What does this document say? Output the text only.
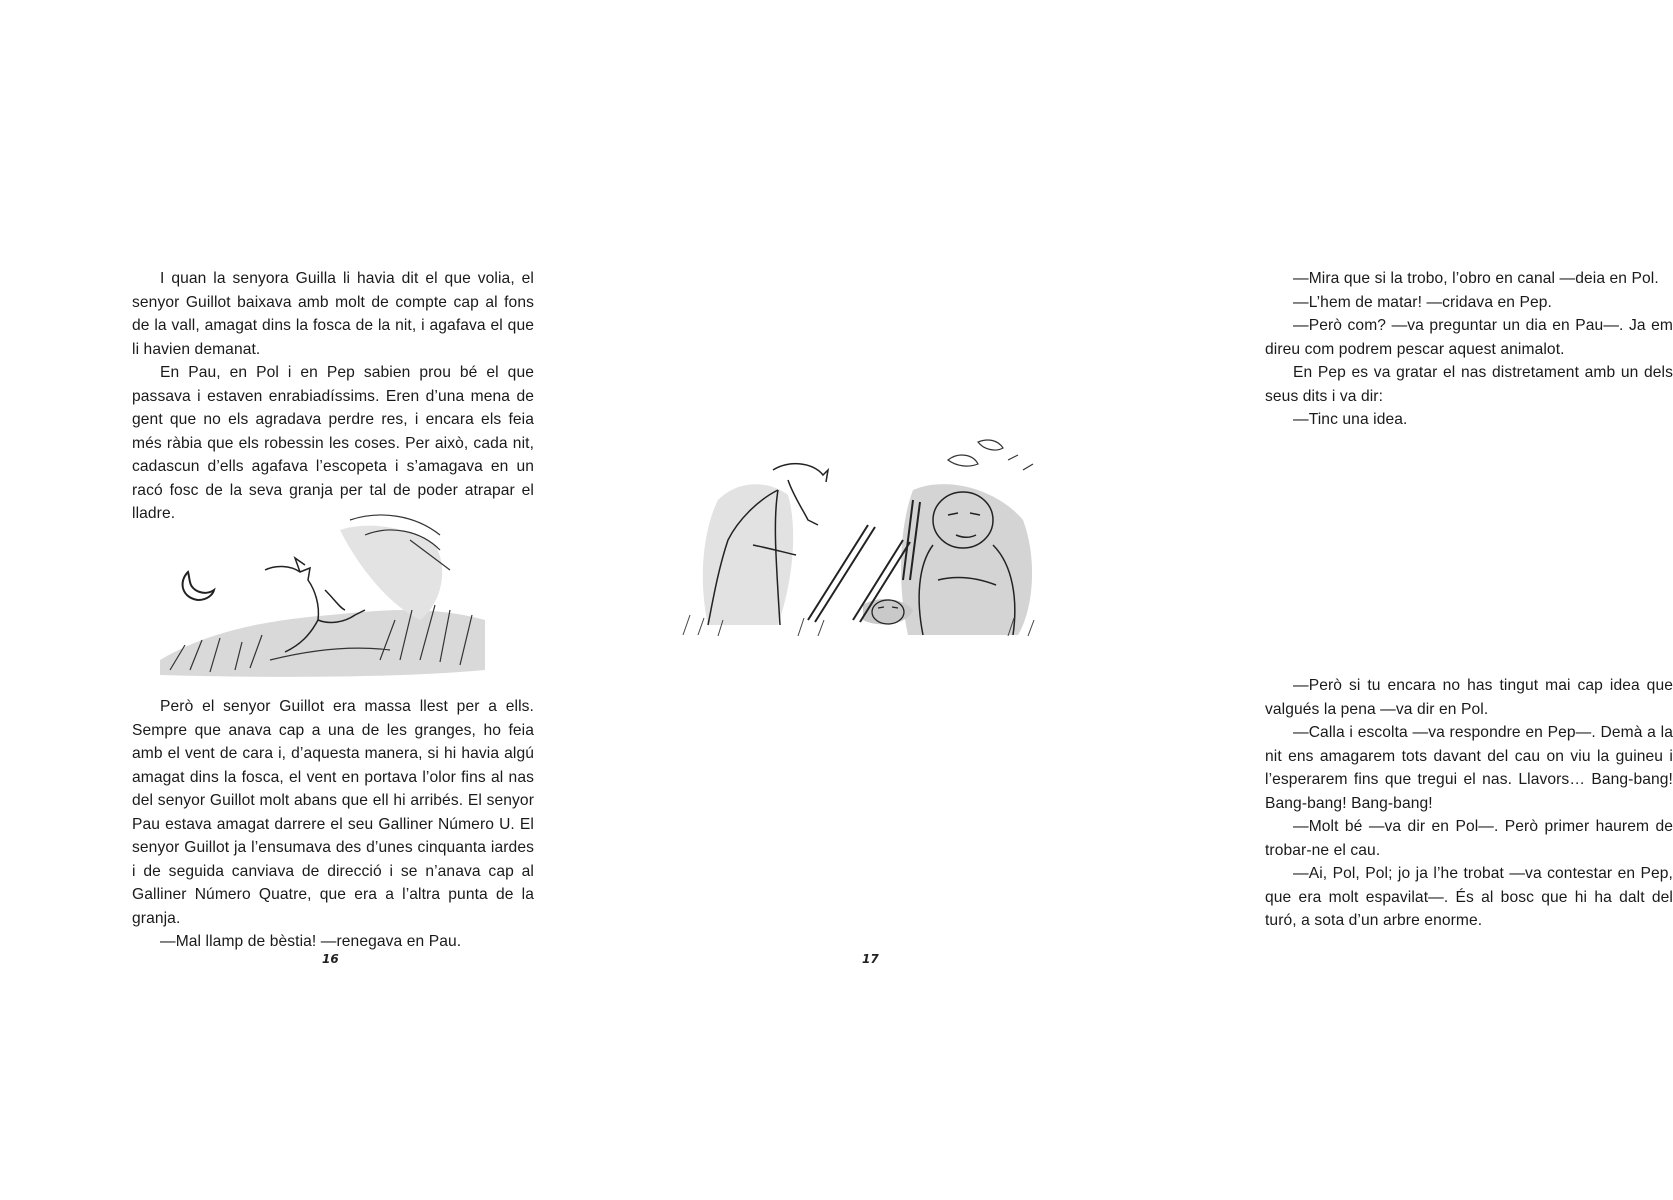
I quan la senyora Guilla li havia dit el que volia, el senyor Guillot baixava amb molt de compte cap al fons de la vall, amagat dins la fosca de la nit, i agafava el que li havien demanat.

En Pau, en Pol i en Pep sabien prou bé el que passava i estaven enrabiadíssims. Eren d’una mena de gent que no els agradava perdre res, i encara els feia més ràbia que els robessin les coses. Per això, cada nit, cadascun d’ells agafava l’escopeta i s’amagava en un racó fosc de la seva granja per tal de poder atrapar el lladre.

Però el senyor Guillot era massa llest per a ells. Sempre que anava cap a una de les granges, ho feia amb el vent de cara i, d’aquesta manera, si hi havia algú amagat dins la fosca, el vent en portava l’olor fins al nas del senyor Guillot molt abans que ell hi arribés. El senyor Pau estava amagat darrere el seu Galliner Número U. El senyor Guillot ja l’ensumava des d’unes cinquanta iardes i de seguida canviava de direcció i se n’anava cap al Galliner Número Quatre, que era a l’altra punta de la granja.

—Mal llamp de bèstia! —renegava en Pau.

16

—Mira que si la trobo, l’obro en canal —deia en Pol.

—L’hem de matar! —cridava en Pep.

—Però com? —va preguntar un dia en Pau—. Ja em direu com podrem pescar aquest animalot.

En Pep es va gratar el nas distretament amb un dels seus dits i va dir:

—Tinc una idea.

—Però si tu encara no has tingut mai cap idea que valgués la pena —va dir en Pol.

—Calla i escolta —va respondre en Pep—. Demà a la nit ens amagarem tots davant del cau on viu la guineu i l’esperarem fins que tregui el nas. Llavors… Bang-bang! Bang-bang! Bang-bang!

—Molt bé —va dir en Pol—. Però primer haurem de trobar-ne el cau.

—Ai, Pol, Pol; jo ja l’he trobat —va contestar en Pep, que era molt espavilat—. És al bosc que hi ha dalt del turó, a sota d’un arbre enorme.

17
